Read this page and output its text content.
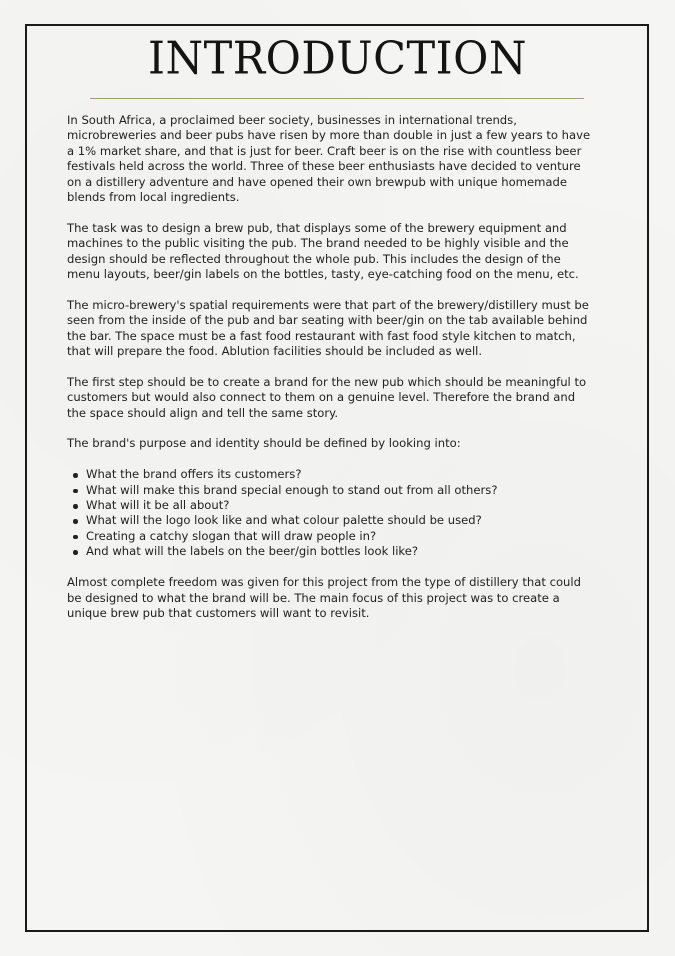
INTRODUCTION

In South Africa, a proclaimed beer society, businesses in international trends, microbreweries and beer pubs have risen by more than double in just a few years to have a 1% market share, and that is just for beer. Craft beer is on the rise with countless beer festivals held across the world. Three of these beer enthusiasts have decided to venture on a distillery adventure and have opened their own brewpub with unique homemade blends from local ingredients.

The task was to design a brew pub, that displays some of the brewery equipment and machines to the public visiting the pub. The brand needed to be highly visible and the design should be reflected throughout the whole pub. This includes the design of the menu layouts, beer/gin labels on the bottles, tasty, eye-catching food on the menu, etc.

The micro-brewery's spatial requirements were that part of the brewery/distillery must be seen from the inside of the pub and bar seating with beer/gin on the tab available behind the bar. The space must be a fast food restaurant with fast food style kitchen to match, that will prepare the food. Ablution facilities should be included as well.

The first step should be to create a brand for the new pub which should be meaningful to customers but would also connect to them on a genuine level. Therefore the brand and the space should align and tell the same story.

The brand's purpose and identity should be defined by looking into:

What the brand offers its customers?
What will make this brand special enough to stand out from all others?
What will it be all about?
What will the logo look like and what colour palette should be used?
Creating a catchy slogan that will draw people in?
And what will the labels on the beer/gin bottles look like?

Almost complete freedom was given for this project from the type of distillery that could be designed to what the brand will be. The main focus of this project was to create a unique brew pub that customers will want to revisit.
